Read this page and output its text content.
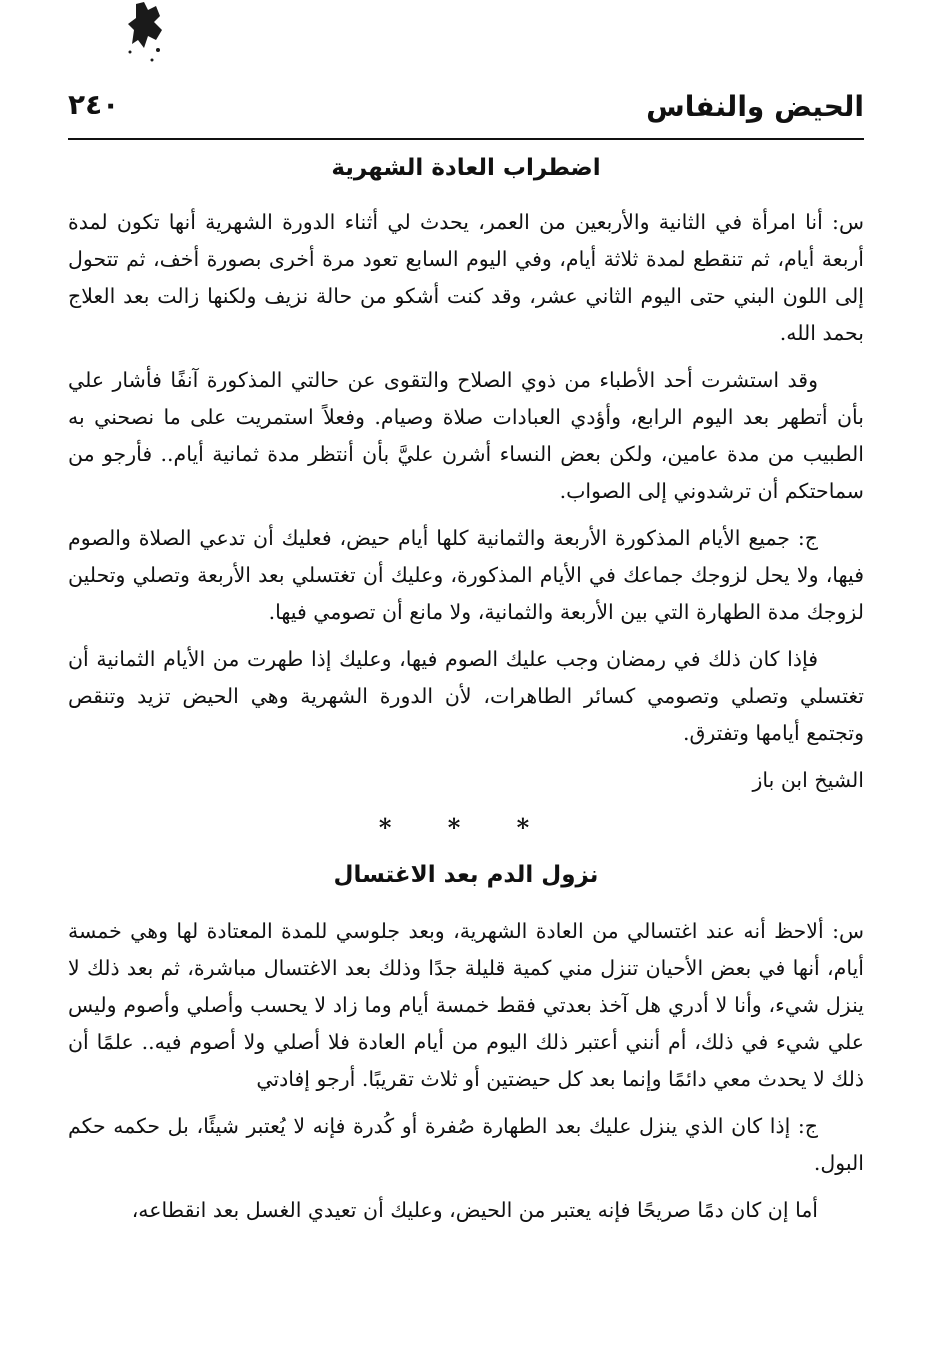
الحيض والنفاس
٢٤٠
اضطراب العادة الشهرية

س: أنا امرأة في الثانية والأربعين من العمر، يحدث لي أثناء الدورة الشهرية أنها تكون لمدة أربعة أيام، ثم تنقطع لمدة ثلاثة أيام، وفي اليوم السابع تعود مرة أخرى بصورة أخف، ثم تتحول إلى اللون البني حتى اليوم الثاني عشر، وقد كنت أشكو من حالة نزيف ولكنها زالت بعد العلاج بحمد الله.

وقد استشرت أحد الأطباء من ذوي الصلاح والتقوى عن حالتي المذكورة آنفًا فأشار علي بأن أتطهر بعد اليوم الرابع، وأؤدي العبادات صلاة وصيام. وفعلاً استمريت على ما نصحني به الطبيب من مدة عامين، ولكن بعض النساء أشرن عليَّ بأن أنتظر مدة ثمانية أيام.. فأرجو من سماحتكم أن ترشدوني إلى الصواب.

ج: جميع الأيام المذكورة الأربعة والثمانية كلها أيام حيض، فعليك أن تدعي الصلاة والصوم فيها، ولا يحل لزوجك جماعك في الأيام المذكورة، وعليك أن تغتسلي بعد الأربعة وتصلي وتحلين لزوجك مدة الطهارة التي بين الأربعة والثمانية، ولا مانع أن تصومي فيها.

فإذا كان ذلك في رمضان وجب عليك الصوم فيها، وعليك إذا طهرت من الأيام الثمانية أن تغتسلي وتصلي وتصومي كسائر الطاهرات، لأن الدورة الشهرية وهي الحيض تزيد وتنقص وتجتمع أيامها وتفترق.

الشيخ ابن باز

* * *
نزول الدم بعد الاغتسال

س: ألاحظ أنه عند اغتسالي من العادة الشهرية، وبعد جلوسي للمدة المعتادة لها وهي خمسة أيام، أنها في بعض الأحيان تنزل مني كمية قليلة جدًا وذلك بعد الاغتسال مباشرة، ثم بعد ذلك لا ينزل شيء، وأنا لا أدري هل آخذ بعدتي فقط خمسة أيام وما زاد لا يحسب وأصلي وأصوم وليس علي شيء في ذلك، أم أنني أعتبر ذلك اليوم من أيام العادة فلا أصلي ولا أصوم فيه.. علمًا أن ذلك لا يحدث معي دائمًا وإنما بعد كل حيضتين أو ثلاث تقريبًا. أرجو إفادتي

ج: إذا كان الذي ينزل عليك بعد الطهارة صُفرة أو كُدرة فإنه لا يُعتبر شيئًا، بل حكمه حكم البول.

أما إن كان دمًا صريحًا فإنه يعتبر من الحيض، وعليك أن تعيدي الغسل بعد انقطاعه،
